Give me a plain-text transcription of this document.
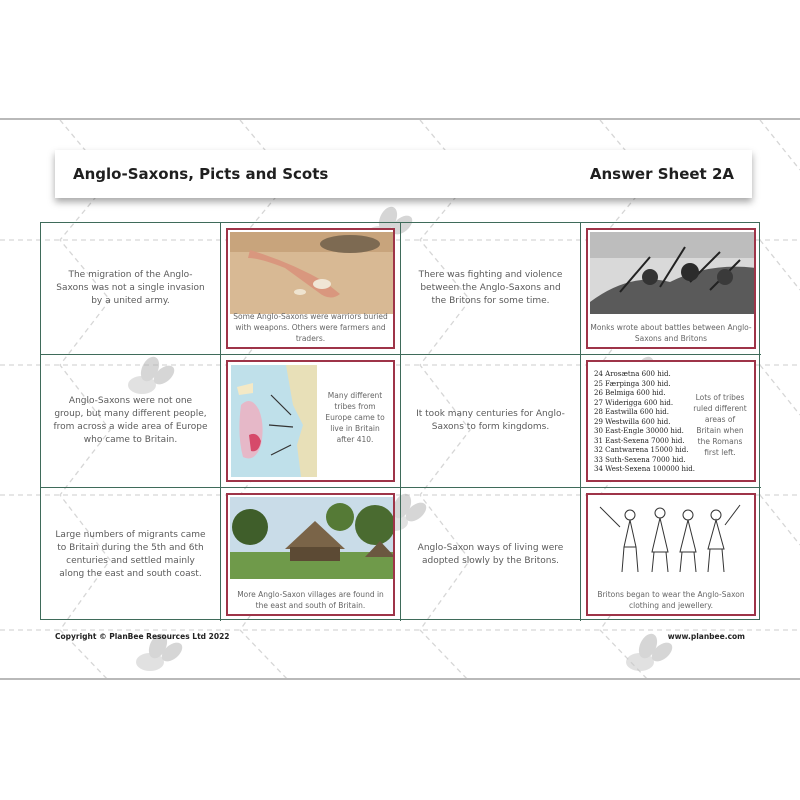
Anglo-Saxons, Picts and Scots	Answer Sheet 2A
The migration of the Anglo-Saxons was not a single invasion by a united army.
Some Anglo-Saxons were warriors buried with weapons. Others were farmers and traders.
There was fighting and violence between the Anglo-Saxons and the Britons for some time.
Monks wrote about battles between Anglo-Saxons and Britons
Anglo-Saxons were not one group, but many different people, from across a wide area of Europe who came to Britain.
Many different tribes from Europe came to live in Britain after 410.
It took many centuries for Anglo-Saxons to form kingdoms.
24 Arosætna 600 hid.
25 Færpinga 300 hid.
26 Belmiga 600 hid.
27 Widerigga 600 hid.
28 Eastwilla 600 hid.
29 Westwilla 600 hid.
30 East-Engle 30000 hid.
31 East-Sexena 7000 hid.
32 Cantwarena 15000 hid.
33 Suth-Sexena 7000 hid.
34 West-Sexena 100000 hid.
Lots of tribes ruled different areas of Britain when the Romans first left.
Large numbers of migrants came to Britain during the 5th and 6th centuries and settled mainly along the east and south coast.
More Anglo-Saxon villages are found in the east and south of Britain.
Anglo-Saxon ways of living were adopted slowly by the Britons.
Britons began to wear the Anglo-Saxon clothing and jewellery.
Copyright © PlanBee Resources Ltd 2022	www.planbee.com
